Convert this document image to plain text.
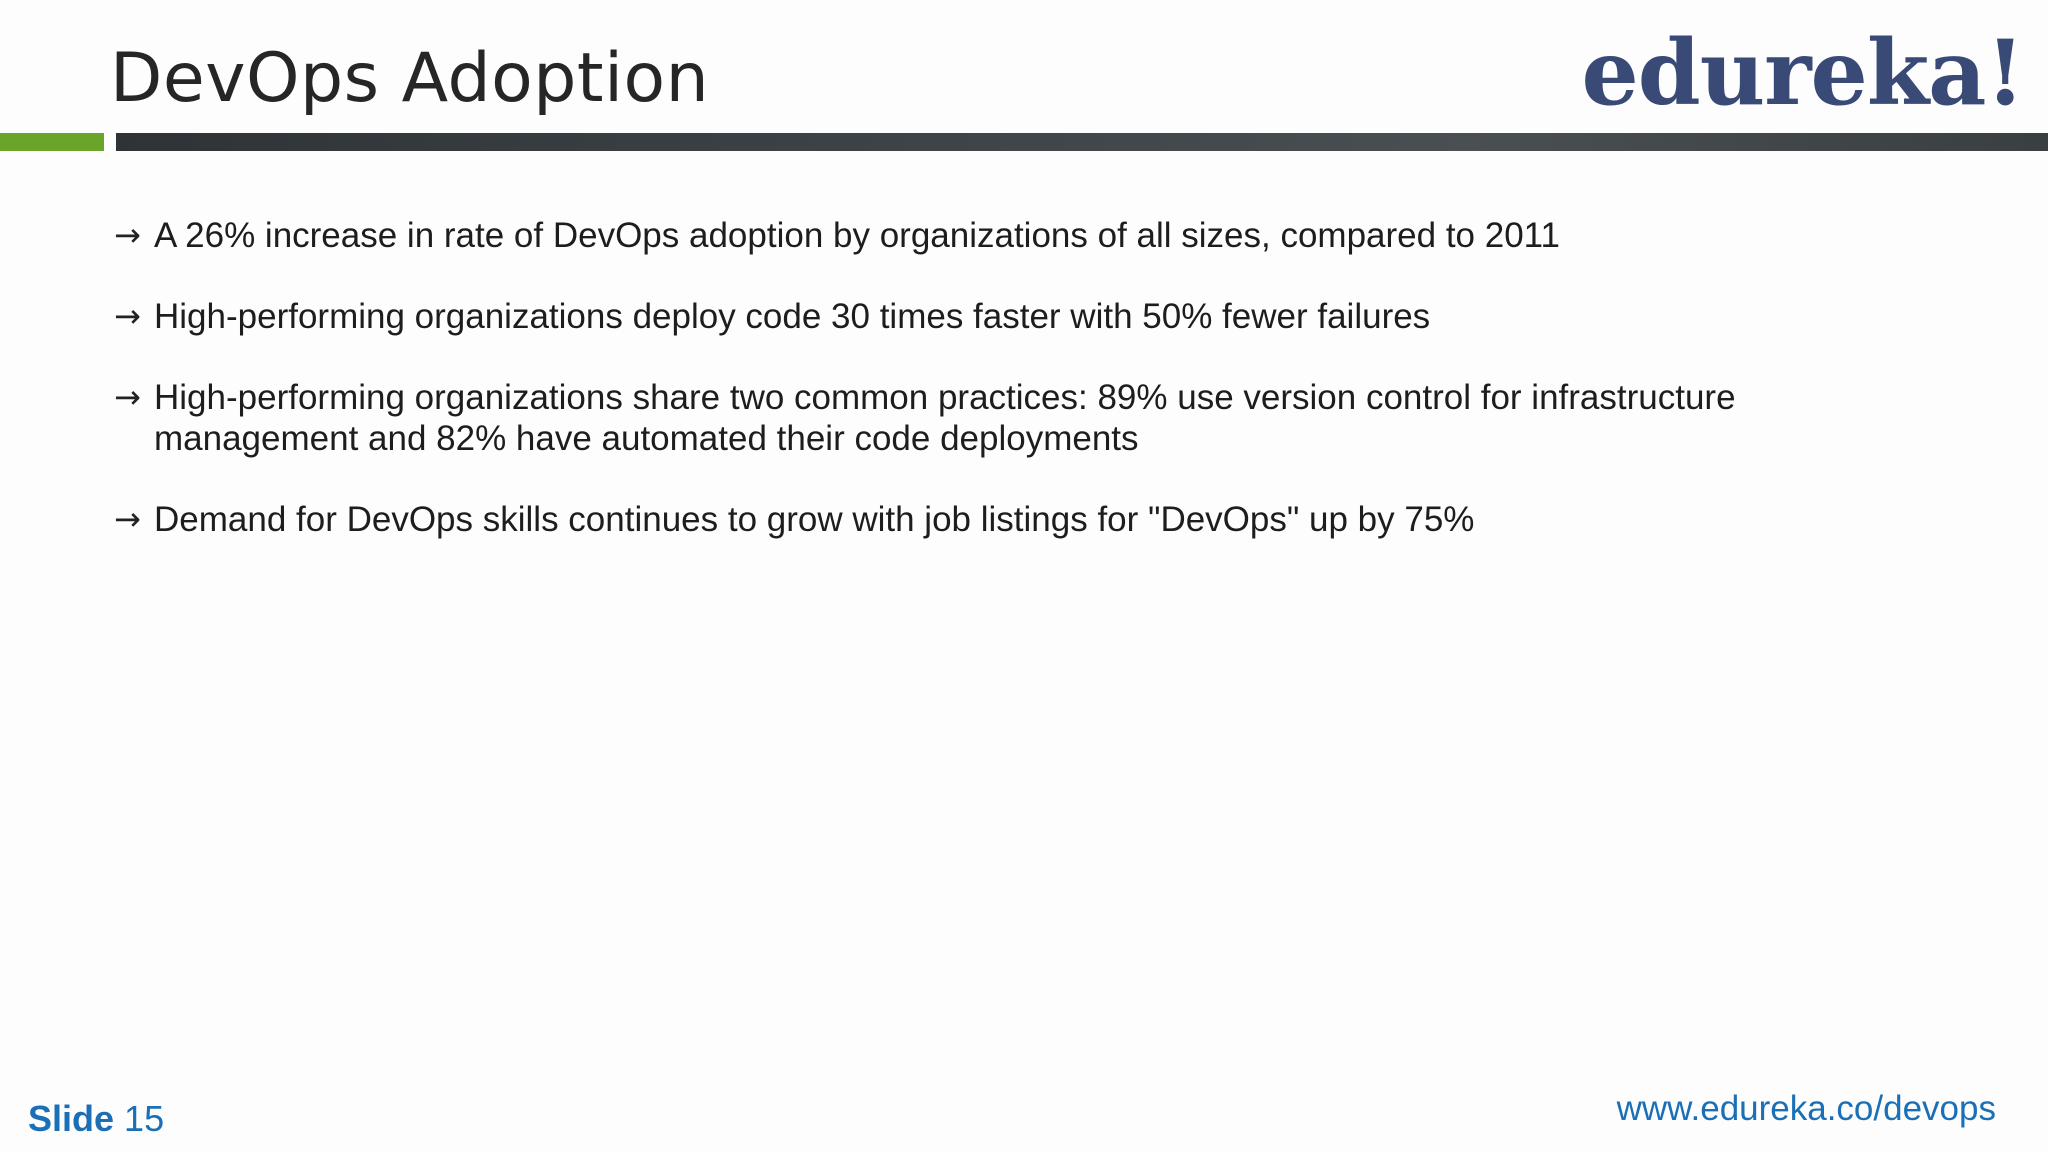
DevOps Adoption	edureka!
→ A 26% increase in rate of DevOps adoption by organizations of all sizes, compared to 2011
→ High-performing organizations deploy code 30 times faster with 50% fewer failures
→ High-performing organizations share two common practices: 89% use version control for infrastructure management and 82% have automated their code deployments
→ Demand for DevOps skills continues to grow with job listings for "DevOps" up by 75%
Slide 15	www.edureka.co/devops
